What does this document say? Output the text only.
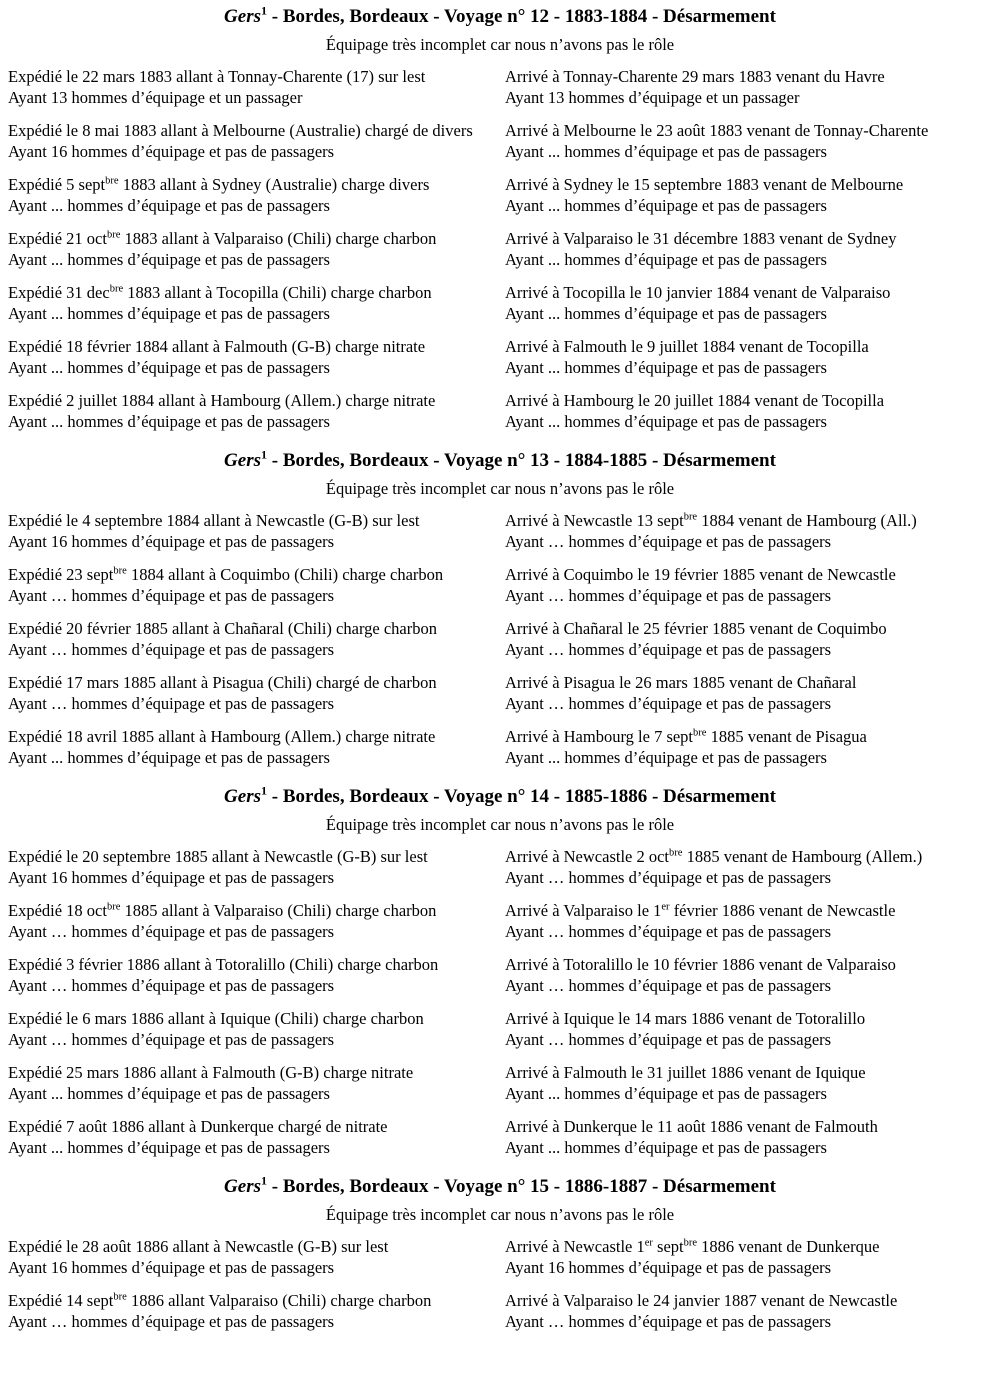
Gers$^1$ - Bordes, Bordeaux - Voyage n° 12 - 1883-1884 - Désarmement

Équipage très incomplet car nous n’avons pas le rôle

Expédié le 22 mars 1883 allant à Tonnay-Charente (17) sur lest
Ayant 13 hommes d’équipage et un passager
Arrivé à Tonnay-Charente 29 mars 1883 venant du Havre
Ayant 13 hommes d’équipage et un passager
Expédié le 8 mai 1883 allant à Melbourne (Australie) chargé de divers
Ayant 16 hommes d’équipage et pas de passagers
Arrivé à Melbourne le 23 août 1883 venant de Tonnay-Charente
Ayant ... hommes d’équipage et pas de passagers
Expédié 5 sept$^{bre}$ 1883 allant à Sydney (Australie) charge divers
Ayant ... hommes d’équipage et pas de passagers
Arrivé à Sydney le 15 septembre 1883 venant de Melbourne
Ayant ... hommes d’équipage et pas de passagers
Expédié 21 oct$^{bre}$ 1883 allant à Valparaiso (Chili) charge charbon
Ayant ... hommes d’équipage et pas de passagers
Arrivé à Valparaiso le 31 décembre 1883 venant de Sydney
Ayant ... hommes d’équipage et pas de passagers
Expédié 31 dec$^{bre}$ 1883 allant à Tocopilla (Chili) charge charbon
Ayant ... hommes d’équipage et pas de passagers
Arrivé à Tocopilla le 10 janvier 1884 venant de Valparaiso
Ayant ... hommes d’équipage et pas de passagers
Expédié 18 février 1884 allant à Falmouth (G-B) charge nitrate
Ayant ... hommes d’équipage et pas de passagers
Arrivé à Falmouth le 9 juillet 1884 venant de Tocopilla
Ayant ... hommes d’équipage et pas de passagers
Expédié 2 juillet 1884 allant à Hambourg (Allem.) charge nitrate
Ayant ... hommes d’équipage et pas de passagers
Arrivé à Hambourg le 20 juillet 1884 venant de Tocopilla
Ayant ... hommes d’équipage et pas de passagers
Gers$^1$ - Bordes, Bordeaux - Voyage n° 13 - 1884-1885 - Désarmement

Équipage très incomplet car nous n’avons pas le rôle

Expédié le 4 septembre 1884 allant à Newcastle (G-B) sur lest
Ayant 16 hommes d’équipage et pas de passagers
Arrivé à Newcastle 13 sept$^{bre}$ 1884 venant de Hambourg (All.)
Ayant … hommes d’équipage et pas de passagers
Expédié 23 sept$^{bre}$ 1884 allant à Coquimbo (Chili) charge charbon
Ayant … hommes d’équipage et pas de passagers
Arrivé à Coquimbo le 19 février 1885 venant de Newcastle
Ayant … hommes d’équipage et pas de passagers
Expédié 20 février 1885 allant à Chañaral (Chili) charge charbon
Ayant … hommes d’équipage et pas de passagers
Arrivé à Chañaral le 25 février 1885 venant de Coquimbo
Ayant … hommes d’équipage et pas de passagers
Expédié 17 mars 1885 allant à Pisagua (Chili) chargé de charbon
Ayant … hommes d’équipage et pas de passagers
Arrivé à Pisagua le 26 mars 1885 venant de Chañaral
Ayant … hommes d’équipage et pas de passagers
Expédié 18 avril 1885 allant à Hambourg (Allem.) charge nitrate
Ayant ... hommes d’équipage et pas de passagers
Arrivé à Hambourg le 7 sept$^{bre}$ 1885 venant de Pisagua
Ayant ... hommes d’équipage et pas de passagers
Gers$^1$ - Bordes, Bordeaux - Voyage n° 14 - 1885-1886 - Désarmement

Équipage très incomplet car nous n’avons pas le rôle

Expédié le 20 septembre 1885 allant à Newcastle (G-B) sur lest
Ayant 16 hommes d’équipage et pas de passagers
Arrivé à Newcastle 2 oct$^{bre}$ 1885 venant de Hambourg (Allem.)
Ayant … hommes d’équipage et pas de passagers
Expédié 18 oct$^{bre}$ 1885 allant à Valparaiso (Chili) charge charbon
Ayant … hommes d’équipage et pas de passagers
Arrivé à Valparaiso le 1er février 1886 venant de Newcastle
Ayant … hommes d’équipage et pas de passagers
Expédié 3 février 1886 allant à Totoralillo (Chili) charge charbon
Ayant … hommes d’équipage et pas de passagers
Arrivé à Totoralillo le 10 février 1886 venant de Valparaiso
Ayant … hommes d’équipage et pas de passagers
Expédié le 6 mars 1886 allant à Iquique (Chili) charge charbon
Ayant … hommes d’équipage et pas de passagers
Arrivé à Iquique le 14 mars 1886 venant de Totoralillo
Ayant … hommes d’équipage et pas de passagers
Expédié 25 mars 1886 allant à Falmouth (G-B) charge nitrate
Ayant ... hommes d’équipage et pas de passagers
Arrivé à Falmouth le 31 juillet 1886 venant de Iquique
Ayant ... hommes d’équipage et pas de passagers
Expédié 7 août 1886 allant à Dunkerque chargé de nitrate
Ayant ... hommes d’équipage et pas de passagers
Arrivé à Dunkerque le 11 août 1886 venant de Falmouth
Ayant ... hommes d’équipage et pas de passagers
Gers$^1$ - Bordes, Bordeaux - Voyage n° 15 - 1886-1887 - Désarmement

Équipage très incomplet car nous n’avons pas le rôle

Expédié le 28 août 1886 allant à Newcastle (G-B) sur lest
Ayant 16 hommes d’équipage et pas de passagers
Arrivé à Newcastle 1er sept$^{bre}$ 1886 venant de Dunkerque
Ayant 16 hommes d’équipage et pas de passagers
Expédié 14 sept$^{bre}$ 1886 allant Valparaiso (Chili) charge charbon
Ayant … hommes d’équipage et pas de passagers
Arrivé à Valparaiso le 24 janvier 1887 venant de Newcastle
Ayant … hommes d’équipage et pas de passagers
